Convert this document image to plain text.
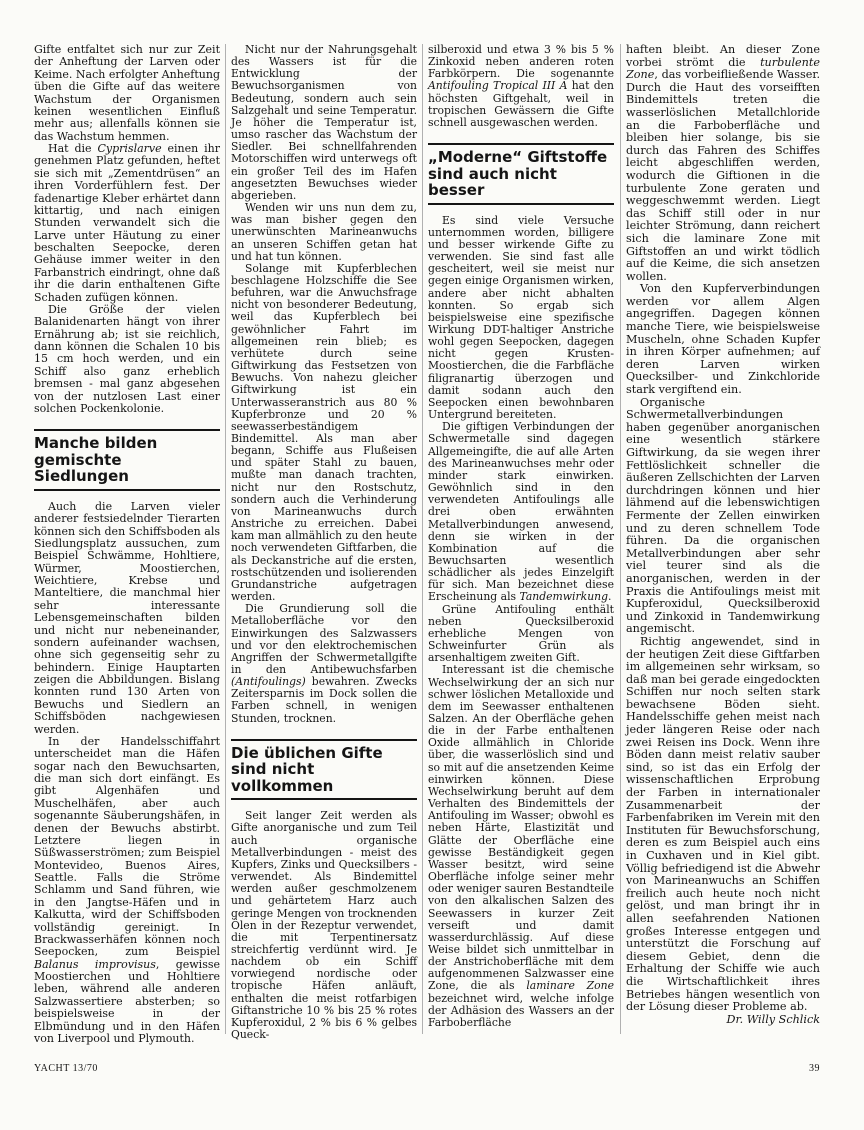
Gifte entfaltet sich nur zur Zeit der Anheftung der Larven oder Keime. Nach erfolgter Anheftung üben die Gifte auf das weitere Wachstum der Organismen keinen wesentlichen Einfluß mehr aus; allenfalls können sie das Wachstum hemmen.

Hat die Cyprislarve einen ihr genehmen Platz gefunden, heftet sie sich mit „Zementdrüsen“ an ihren Vorderfühlern fest. Der fadenartige Kleber erhärtet dann kittartig, und nach einigen Stunden verwandelt sich die Larve unter Häutung zu einer beschalten Seepocke, deren Gehäuse immer weiter in den Farbanstrich eindringt, ohne daß ihr die darin enthaltenen Gifte Schaden zufügen können.

Die Größe der vielen Balanidenarten hängt von ihrer Ernährung ab; ist sie reichlich, dann können die Schalen 10 bis 15 cm hoch werden, und ein Schiff also ganz erheblich bremsen - mal ganz abgesehen von der nutzlosen Last einer solchen Pockenkolonie.

Manche bilden gemischte Siedlungen

Auch die Larven vieler anderer festsiedelnder Tierarten können sich den Schiffsboden als Siedlungsplatz aussuchen, zum Beispiel Schwämme, Hohltiere, Würmer, Moostierchen, Weichtiere, Krebse und Manteltiere, die manchmal hier sehr interessante Lebensgemeinschaften bilden und nicht nur nebeneinander, sondern aufeinander wachsen, ohne sich gegenseitig sehr zu behindern. Einige Hauptarten zeigen die Abbildungen. Bislang konnten rund 130 Arten von Bewuchs und Siedlern an Schiffsböden nachgewiesen werden.

In der Handelsschiffahrt unterscheidet man die Häfen sogar nach den Bewuchsarten, die man sich dort einfängt. Es gibt Algenhäfen und Muschelhäfen, aber auch sogenannte Säuberungshäfen, in denen der Bewuchs abstirbt. Letztere liegen in Süßwasserströmen; zum Beispiel Montevideo, Buenos Aires, Seattle. Falls die Ströme Schlamm und Sand führen, wie in den Jangtse-Häfen und in Kalkutta, wird der Schiffsboden vollständig gereinigt. In Brackwasserhäfen können noch Seepocken, zum Beispiel Balanus improvisus, gewisse Moostierchen und Hohltiere leben, während alle anderen Salzwassertiere absterben; so beispielsweise in der Elbmündung und in den Häfen von Liverpool und Plymouth.

Nicht nur der Nahrungsgehalt des Wassers ist für die Entwicklung der Bewuchsorganismen von Bedeutung, sondern auch sein Salzgehalt und seine Temperatur. Je höher die Temperatur ist, umso rascher das Wachstum der Siedler. Bei schnellfahrenden Motorschiffen wird unterwegs oft ein großer Teil des im Hafen angesetzten Bewuchses wieder abgerieben.

Wenden wir uns nun dem zu, was man bisher gegen den unerwünschten Marineanwuchs an unseren Schiffen getan hat und hat tun können.

Solange mit Kupferblechen beschlagene Holzschiffe die See befuhren, war die Anwuchsfrage nicht von besonderer Bedeutung, weil das Kupferblech bei gewöhnlicher Fahrt im allgemeinen rein blieb; es verhütete durch seine Giftwirkung das Festsetzen von Bewuchs. Von nahezu gleicher Giftwirkung ist ein Unterwasseranstrich aus 80 % Kupferbronze und 20 % seewasserbeständigem Bindemittel. Als man aber begann, Schiffe aus Flußeisen und später Stahl zu bauen, mußte man danach trachten, nicht nur den Rostschutz, sondern auch die Verhinderung von Marineanwuchs durch Anstriche zu erreichen. Dabei kam man allmählich zu den heute noch verwendeten Giftfarben, die als Deckanstriche auf die ersten, rostschützenden und isolierenden Grundanstriche aufgetragen werden.

Die Grundierung soll die Metalloberfläche vor den Einwirkungen des Salzwassers und vor den elektrochemischen Angriffen der Schwermetallgifte in den Antibewuchsfarben (Antifoulings) bewahren. Zwecks Zeitersparnis im Dock sollen die Farben schnell, in wenigen Stunden, trocknen.

Die üblichen Gifte sind nicht vollkommen

Seit langer Zeit werden als Gifte anorganische und zum Teil auch organische Metallverbindungen - meist des Kupfers, Zinks und Quecksilbers - verwendet. Als Bindemittel werden außer geschmolzenem und gehärtetem Harz auch geringe Mengen von trocknenden Ölen in der Rezeptur verwendet, die mit Terpentinersatz streichfertig verdünnt wird. Je nachdem ob ein Schiff vorwiegend nordische oder tropische Häfen anläuft, enthalten die meist rotfarbigen Giftanstriche 10 % bis 25 % rotes Kupferoxidul, 2 % bis 6 % gelbes Queck-

silberoxid und etwa 3 % bis 5 % Zinkoxid neben anderen roten Farbkörpern. Die sogenannte Antifouling Tropical III A hat den höchsten Giftgehalt, weil in tropischen Gewässern die Gifte schnell ausgewaschen werden.

„Moderne“ Giftstoffe sind auch nicht besser

Es sind viele Versuche unternommen worden, billigere und besser wirkende Gifte zu verwenden. Sie sind fast alle gescheitert, weil sie meist nur gegen einige Organismen wirken, andere aber nicht abhalten konnten. So ergab sich beispielsweise eine spezifische Wirkung DDT-haltiger Anstriche wohl gegen Seepocken, dagegen nicht gegen Krusten-Moostierchen, die die Farbfläche filigranartig überzogen und damit sodann auch den Seepocken einen bewohnbaren Untergrund bereiteten.

Die giftigen Verbindungen der Schwermetalle sind dagegen Allgemeingifte, die auf alle Arten des Marineanwuchses mehr oder minder stark einwirken. Gewöhnlich sind in den verwendeten Antifoulings alle drei oben erwähnten Metallverbindungen anwesend, denn sie wirken in der Kombination auf die Bewuchsarten wesentlich schädlicher als jedes Einzelgift für sich. Man bezeichnet diese Erscheinung als Tandemwirkung.

Grüne Antifouling enthält neben Quecksilberoxid erhebliche Mengen von Schweinfurter Grün als arsenhaltigem zweiten Gift.

Interessant ist die chemische Wechselwirkung der an sich nur schwer löslichen Metalloxide und dem im Seewasser enthaltenen Salzen. An der Oberfläche gehen die in der Farbe enthaltenen Oxide allmählich in Chloride über, die wasserlöslich sind und so mit auf die ansetzenden Keime einwirken können. Diese Wechselwirkung beruht auf dem Verhalten des Bindemittels der Antifouling im Wasser; obwohl es neben Härte, Elastizität und Glätte der Oberfläche eine gewisse Beständigkeit gegen Wasser besitzt, wird seine Oberfläche infolge seiner mehr oder weniger sauren Bestandteile von den alkalischen Salzen des Seewassers in kurzer Zeit verseift und damit wasserdurchlässig. Auf diese Weise bildet sich unmittelbar in der Anstrichoberfläche mit dem aufgenommenen Salzwasser eine Zone, die als laminare Zone bezeichnet wird, welche infolge der Adhäsion des Wassers an der Farboberfläche

haften bleibt. An dieser Zone vorbei strömt die turbulente Zone, das vorbeifließende Wasser. Durch die Haut des vorseifften Bindemittels treten die wasserlöslichen Metallchloride an die Farboberfläche und bleiben hier solange, bis sie durch das Fahren des Schiffes leicht abgeschliffen werden, wodurch die Giftionen in die turbulente Zone geraten und weggeschwemmt werden. Liegt das Schiff still oder in nur leichter Strömung, dann reichert sich die laminare Zone mit Giftstoffen an und wirkt tödlich auf die Keime, die sich ansetzen wollen.

Von den Kupferverbindungen werden vor allem Algen angegriffen. Dagegen können manche Tiere, wie beispielsweise Muscheln, ohne Schaden Kupfer in ihren Körper aufnehmen; auf deren Larven wirken Quecksilber- und Zinkchloride stark vergiftend ein.

Organische Schwermetallverbindungen haben gegenüber anorganischen eine wesentlich stärkere Giftwirkung, da sie wegen ihrer Fettlöslichkeit schneller die äußeren Zellschichten der Larven durchdringen können und hier lähmend auf die lebenswichtigen Fermente der Zellen einwirken und zu deren schnellem Tode führen. Da die organischen Metallverbindungen aber sehr viel teurer sind als die anorganischen, werden in der Praxis die Antifoulings meist mit Kupferoxidul, Quecksilberoxid und Zinkoxid in Tandemwirkung angemischt.

Richtig angewendet, sind in der heutigen Zeit diese Giftfarben im allgemeinen sehr wirksam, so daß man bei gerade eingedockten Schiffen nur noch selten stark bewachsene Böden sieht. Handelsschiffe gehen meist nach jeder längeren Reise oder nach zwei Reisen ins Dock. Wenn ihre Böden dann meist relativ sauber sind, so ist das ein Erfolg der wissenschaftlichen Erprobung der Farben in internationaler Zusammenarbeit der Farbenfabriken im Verein mit den Instituten für Bewuchsforschung, deren es zum Beispiel auch eins in Cuxhaven und in Kiel gibt. Völlig befriedigend ist die Abwehr von Marineanwuchs an Schiffen freilich auch heute noch nicht gelöst, und man bringt ihr in allen seefahrenden Nationen großes Interesse entgegen und unterstützt die Forschung auf diesem Gebiet, denn die Erhaltung der Schiffe wie auch die Wirtschaftlichkeit ihres Betriebes hängen wesentlich von der Lösung dieser Probleme ab.

Dr. Willy Schlick

YACHT 13/70	39
